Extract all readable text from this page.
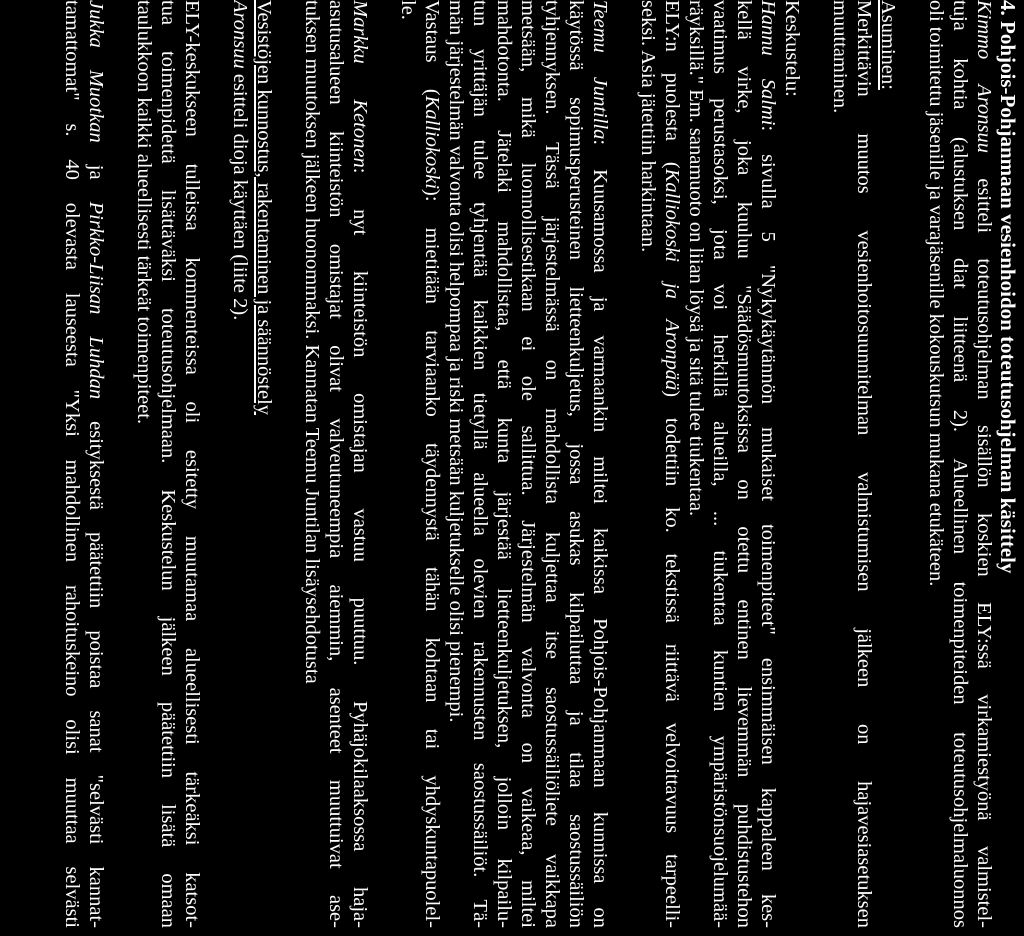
4. Pohjois-Pohjanmaan vesienhoidon toteutusohjelman käsittely
Kimmo Aronsuu esitteli toteutusohjelman sisällön koskien ELY:ssä virkamiestyönä valmistel-
tuja kohtia (alustuksen diat liitteenä 2). Alueellinen toimenpiteiden toteutusohjelmaluonnos
oli toimitettu jäsenille ja varajäsenille kokouskutsun mukana etukäteen.
Asuminen:
Merkittävin muutos vesienhoitosuunnitelman valmistumisen jälkeen on hajavesiasetuksen
muuttaminen.
Keskustelu:
Hannu Salmi: sivulla 5 "Nykykäytännön mukaiset toimenpiteet" ensimmäisen kappaleen kes-
kellä virke, joka kuuluu "Säädösmuutoksissa on otettu entinen lievemmän puhdistustehon
vaatimus perustasoksi, jota voi herkillä alueilla, ... tiukentaa kuntien ympäristönsuojelumää-
räyksillä." Em. sanamuoto on liian löysä ja sitä tulee tiukentaa.
ELY:n puolesta (Kalliokoski ja Aronpää) todettiin ko. tekstissä riittävä velvoittavuus tarpeelli-
seksi. Asia jätettiin harkintaan.
Teemu Juntilla: Kuusamossa ja varmaankin miltei kaikissa Pohjois-Pohjanmaan kunnissa on
käytössä sopimusperusteinen lietteenkuljetus, jossa asukas kilpailuttaa ja tilaa saostussäiliön
tyhjennyksen. Tässä järjestelmässä on mahdollista kuljettaa itse saostussäiliöliete vaikkapa
metsään, mikä luonnollisestikaan ei ole sallittua. Järjestelmän valvonta on vaikeaa, miltei
mahdotonta. Jätelaki mahdollistaa, että kunta järjestää lietteenkuljetuksen, jolloin kilpailu-
tun yrittäjän tulee tyhjentää kaikkien tietyllä alueella olevien rakennusten saostussäiliöt. Tä-
män järjestelmän valvonta olisi helpompaa ja riski metsään kuljetukselle olisi pienempi.
Vastaus (Kalliokoski): mietitään tarviaanko täydennystä tähän kohtaan tai yhdyskuntapuolel-
le.
Markku Ketonen: nyt kiinteistön omistajan vastuu puuttuu. Pyhäjokilaaksossa haja-
asutusalueen kiinteistön omistajat olivat valveutuneempia aiemmin, asenteet muuttuivat ase-
tuksen muutoksen jälkeen huonommaksi. Kannatan Teemu Juntilan lisäysehdotusta
Vesistöjen kunnostus, rakentaminen ja säännöstely
Aronsuu esitteli dioja käyttäen (liite 2).
ELY-keskukseen tulleissa kommenteissa oli esitetty muutamaa alueellisesti tärkeäksi katsot-
tua toimenpidettä lisättäväksi toteutusohjelmaan. Keskustelun jälkeen päätettiin lisätä omaan
taulukkoon kaikki alueellisesti tärkeät toimenpiteet.
Jukka Muotkan ja Pirkko-Liisan Luhdan esityksestä päätettiin poistaa sanat "selvästi kannat-
tamattomat" s. 40 olevasta lauseesta "Yksi mahdollinen rahoituskeino olisi muuttaa selvästi
